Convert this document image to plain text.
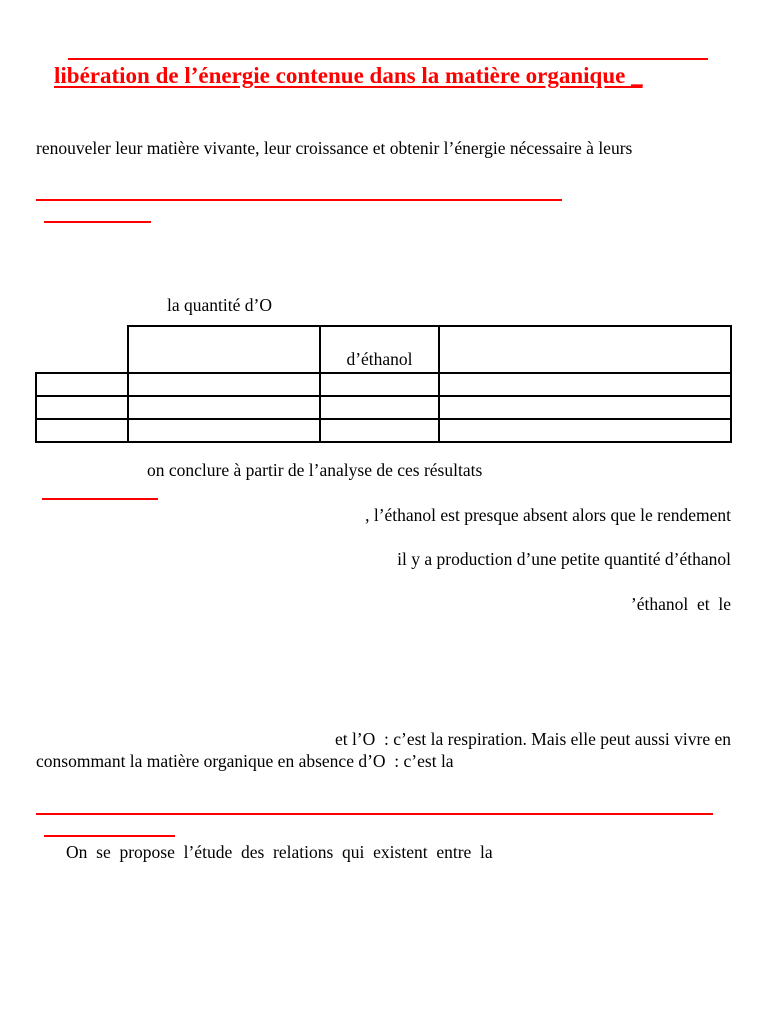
libération de l’énergie contenue dans la matière organique _
renouveler leur matière vivante, leur croissance et obtenir l’énergie nécessaire à leurs
la quantité d’O
		d’éthanol	

on conclure à partir de l’analyse de ces résultats
, l’éthanol est presque absent alors que le rendement
il y a production d’une petite quantité d’éthanol
’éthanol  et  le
et l’O  : c’est la respiration. Mais elle peut aussi vivre en
consommant la matière organique en absence d’O  : c’est la
On  se  propose  l’étude  des  relations  qui  existent  entre  la
